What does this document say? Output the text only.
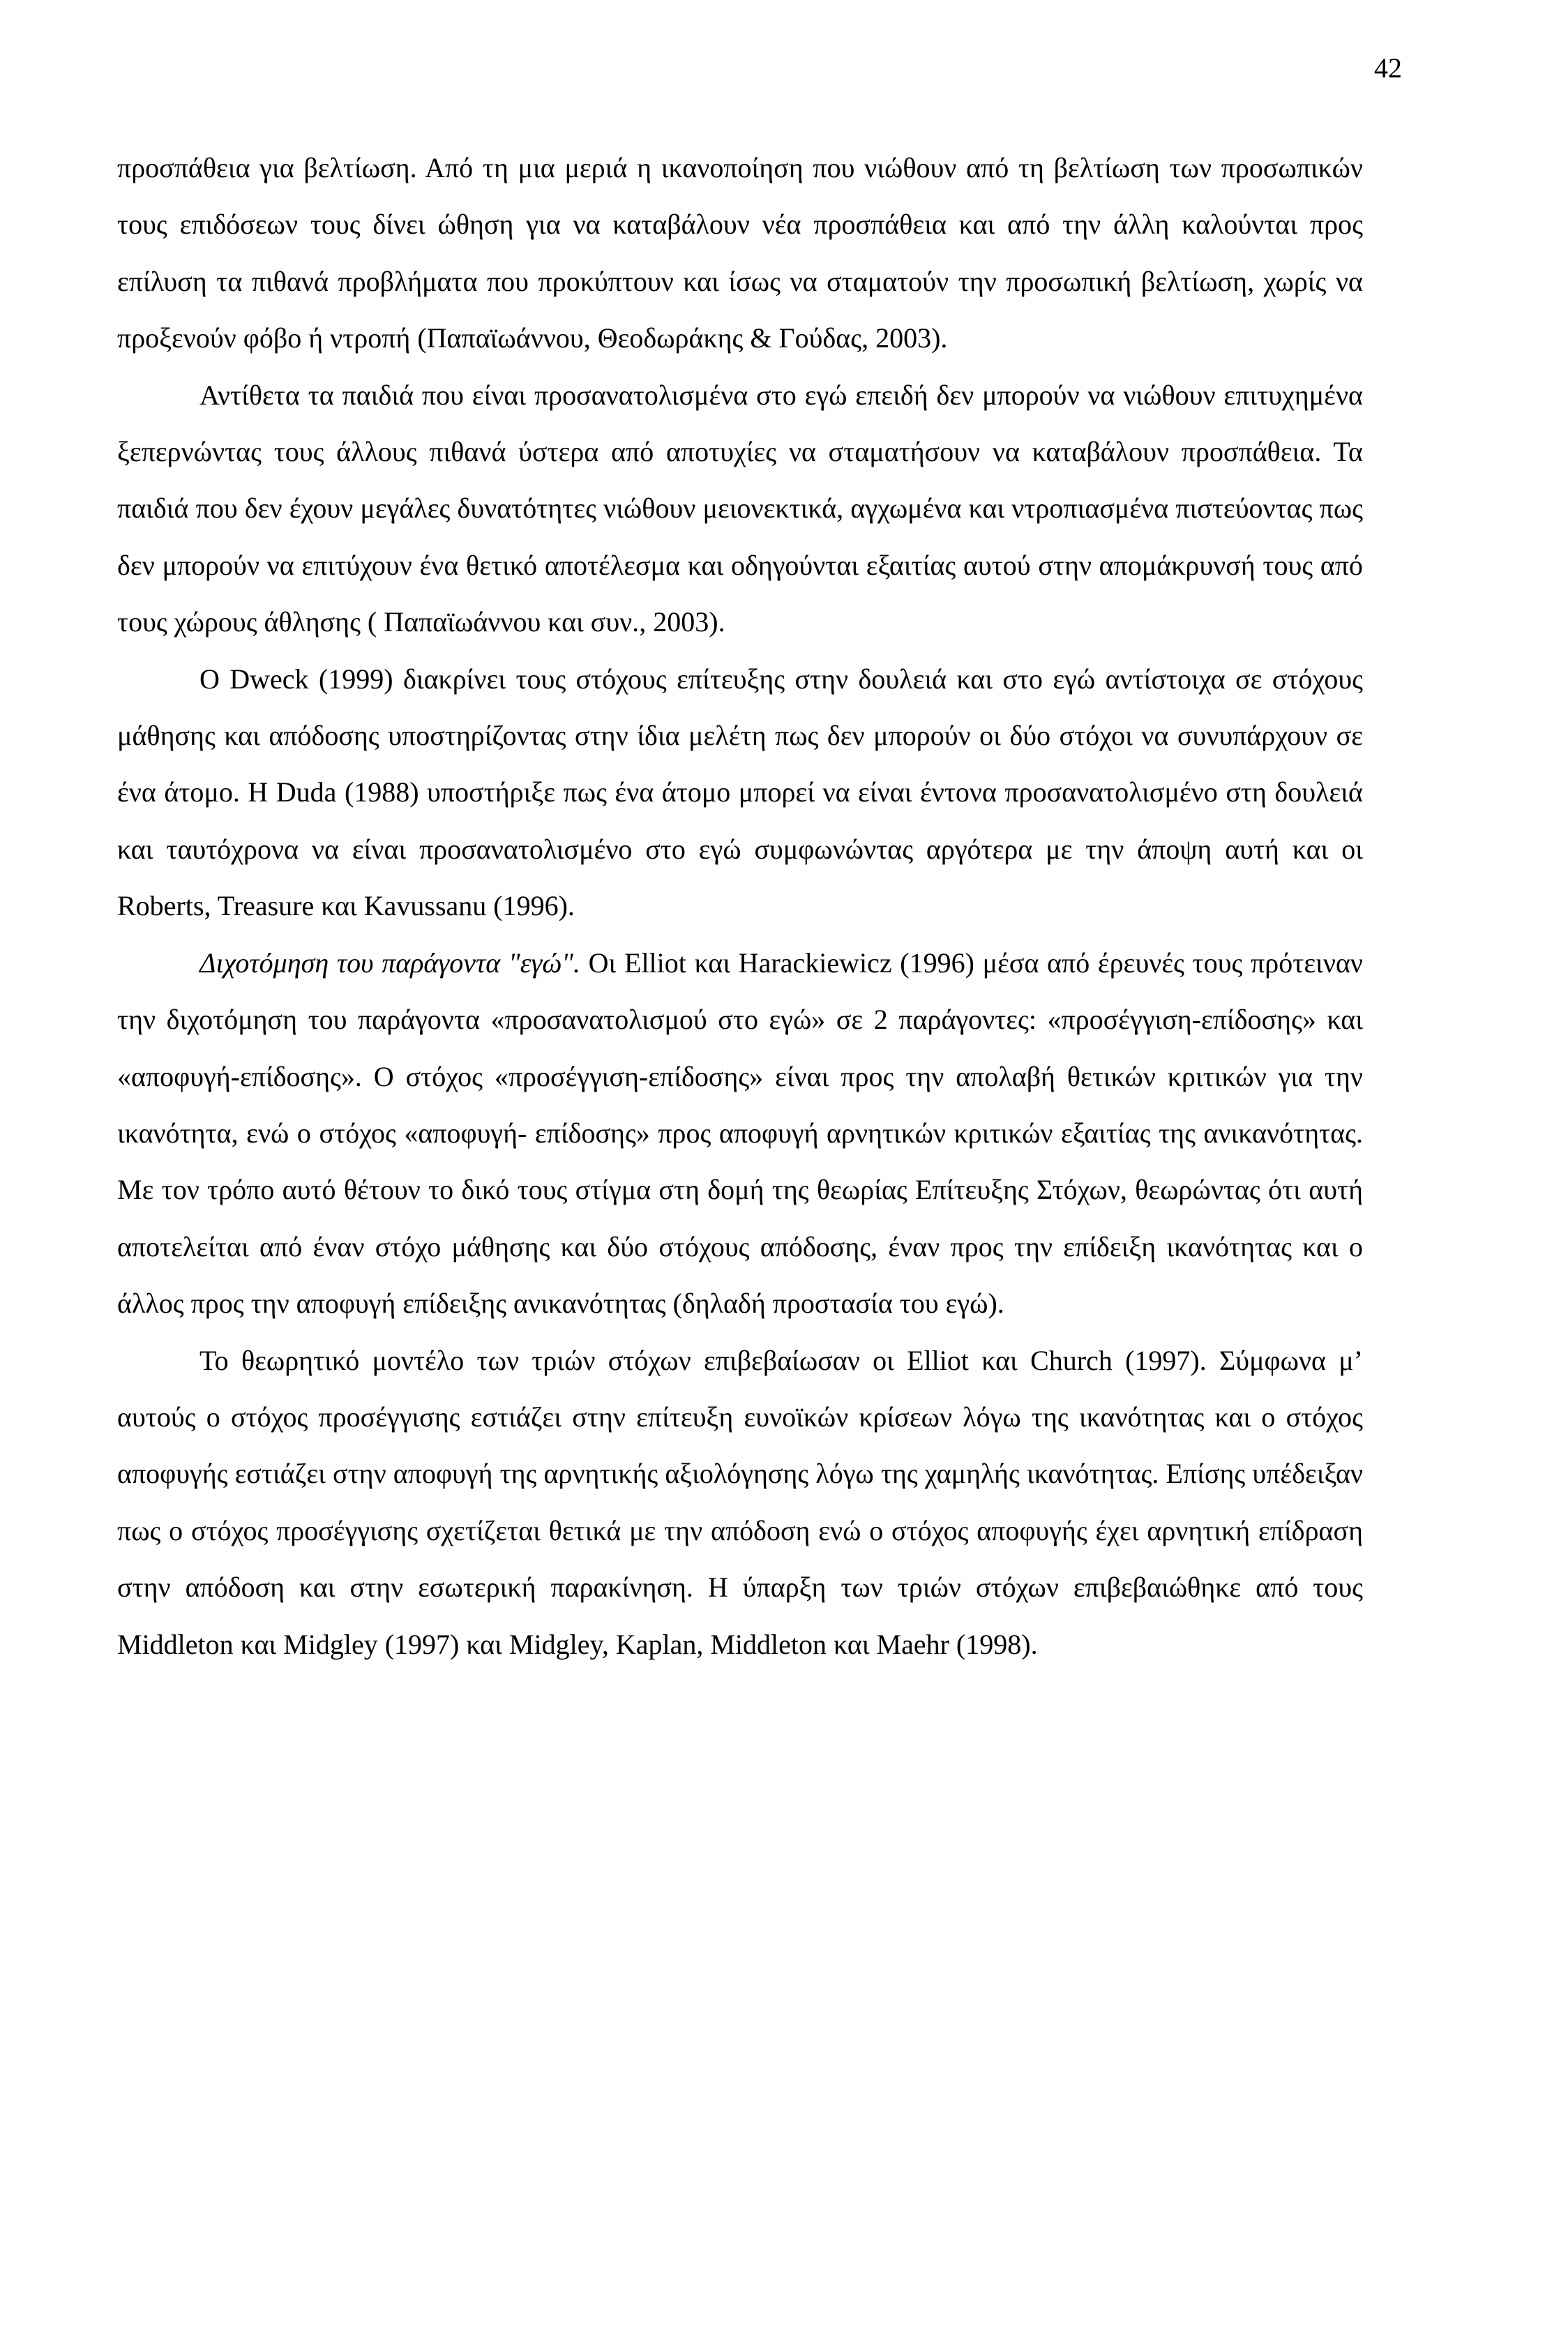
42

προσπάθεια για βελτίωση. Από τη μια μεριά η ικανοποίηση που νιώθουν από τη βελτίωση των προσωπικών τους επιδόσεων τους δίνει ώθηση για να καταβάλουν νέα προσπάθεια και από την άλλη καλούνται προς επίλυση τα πιθανά προβλήματα που προκύπτουν και ίσως να σταματούν την προσωπική βελτίωση, χωρίς να προξενούν φόβο ή ντροπή (Παπαϊωάννου, Θεοδωράκης & Γούδας, 2003).

Αντίθετα τα παιδιά που είναι προσανατολισμένα στο εγώ επειδή δεν μπορούν να νιώθουν επιτυχημένα ξεπερνώντας τους άλλους πιθανά ύστερα από αποτυχίες να σταματήσουν να καταβάλουν προσπάθεια. Τα παιδιά που δεν έχουν μεγάλες δυνατότητες νιώθουν μειονεκτικά, αγχωμένα και ντροπιασμένα πιστεύοντας πως δεν μπορούν να επιτύχουν ένα θετικό αποτέλεσμα και οδηγούνται εξαιτίας αυτού στην απομάκρυνσή τους από τους χώρους άθλησης ( Παπαϊωάννου και συν., 2003).

Ο Dweck (1999) διακρίνει τους στόχους επίτευξης στην δουλειά και στο εγώ αντίστοιχα σε στόχους μάθησης και απόδοσης υποστηρίζοντας στην ίδια μελέτη πως δεν μπορούν οι δύο στόχοι να συνυπάρχουν σε ένα άτομο. Η Duda (1988) υποστήριξε πως ένα άτομο μπορεί να είναι έντονα προσανατολισμένο στη δουλειά και ταυτόχρονα να είναι προσανατολισμένο στο εγώ συμφωνώντας αργότερα με την άποψη αυτή και οι Roberts, Treasure και Kavussanu (1996).

Διχοτόμηση του παράγοντα "εγώ". Οι Elliot και Harackiewicz (1996) μέσα από έρευνές τους πρότειναν την διχοτόμηση του παράγοντα «προσανατολισμού στο εγώ» σε 2 παράγοντες: «προσέγγιση-επίδοσης» και «αποφυγή-επίδοσης». Ο στόχος «προσέγγιση-επίδοσης» είναι προς την απολαβή θετικών κριτικών για την ικανότητα, ενώ ο στόχος «αποφυγή- επίδοσης» προς αποφυγή αρνητικών κριτικών εξαιτίας της ανικανότητας. Με τον τρόπο αυτό θέτουν το δικό τους στίγμα στη δομή της θεωρίας Επίτευξης Στόχων, θεωρώντας ότι αυτή αποτελείται από έναν στόχο μάθησης και δύο στόχους απόδοσης, έναν προς την επίδειξη ικανότητας και ο άλλος προς την αποφυγή επίδειξης ανικανότητας (δηλαδή προστασία του εγώ).

Το θεωρητικό μοντέλο των τριών στόχων επιβεβαίωσαν οι Elliot και Church (1997). Σύμφωνα μ’ αυτούς ο στόχος προσέγγισης εστιάζει στην επίτευξη ευνοϊκών κρίσεων λόγω της ικανότητας και ο στόχος αποφυγής εστιάζει στην αποφυγή της αρνητικής αξιολόγησης λόγω της χαμηλής ικανότητας. Επίσης υπέδειξαν πως ο στόχος προσέγγισης σχετίζεται θετικά με την απόδοση ενώ ο στόχος αποφυγής έχει αρνητική επίδραση στην απόδοση και στην εσωτερική παρακίνηση. Η ύπαρξη των τριών στόχων επιβεβαιώθηκε από τους Middleton και Midgley (1997) και Midgley, Kaplan, Middleton και Maehr (1998).
